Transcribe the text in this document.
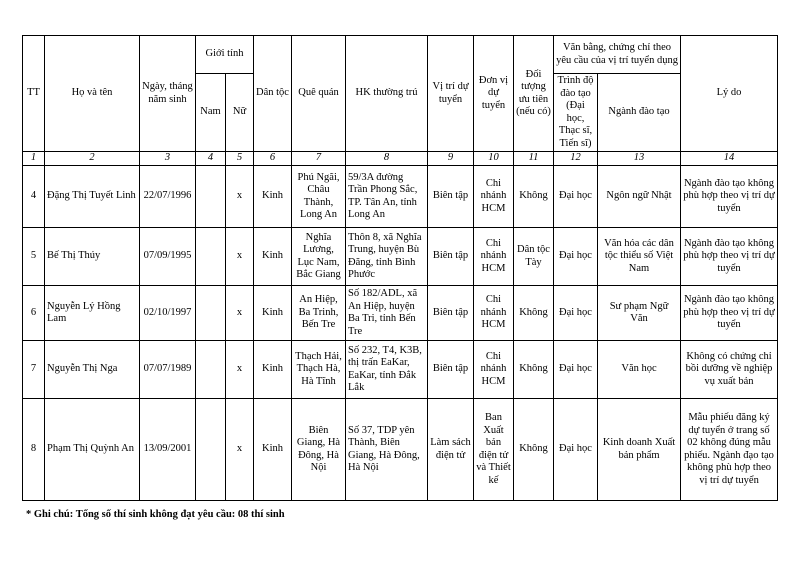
TT	Họ và tên	Ngày, tháng năm sinh	Giới tính		Dân tộc	Quê quán	HK thường trú	Vị trí dự tuyển	Đơn vị dự tuyển	Đối tượng ưu tiên (nếu có)	Văn bằng, chứng chỉ theo yêu cầu của vị trí tuyển dụng		Lý do
			Nam	Nữ							Trình độ đào tạo (Đại học, Thạc sĩ, Tiến sĩ)	Ngành đào tạo	
1	2	3	4	5	6	7	8	9	10	11	12	13	14
4	Đặng Thị Tuyết Linh	22/07/1996		x	Kinh	Phú Ngãi, Châu Thành, Long An	59/3A đường Trần Phong Sắc, TP. Tân An, tỉnh Long An	Biên tập	Chi nhánh HCM	Không	Đại học	Ngôn ngữ Nhật	Ngành đào tạo không phù hợp theo vị trí dự tuyển
5	Bế Thị Thúy	07/09/1995		x	Kinh	Nghĩa Lương, Lục Nam, Bắc Giang	Thôn 8, xã Nghĩa Trung, huyện Bù Đăng, tỉnh Bình Phước	Biên tập	Chi nhánh HCM	Dân tộc Tày	Đại học	Văn hóa các dân tộc thiểu số Việt Nam	Ngành đào tạo không phù hợp theo vị trí dự tuyển
6	Nguyễn Lý Hồng Lam	02/10/1997		x	Kinh	An Hiệp, Ba Trinh, Bến Tre	Số 182/ADL, xã An Hiệp, huyện Ba Tri, tỉnh Bến Tre	Biên tập	Chi nhánh HCM	Không	Đại học	Sư phạm Ngữ Văn	Ngành đào tạo không phù hợp theo vị trí dự tuyển
7	Nguyễn Thị Nga	07/07/1989		x	Kinh	Thạch Hải, Thạch Hà, Hà Tĩnh	Số 232, T4, K3B, thị trấn EaKar, EaKar, tỉnh Đắk Lắk	Biên tập	Chi nhánh HCM	Không	Đại học	Văn học	Không có chứng chỉ bồi dưỡng về nghiệp vụ xuất bản
8	Phạm Thị Quỳnh An	13/09/2001		x	Kinh	Biên Giang, Hà Đông, Hà Nội	Số 37, TDP yên Thành, Biên Giang, Hà Đông, Hà Nội	Làm sách điện tử	Ban Xuất bản điện tử và Thiết kế	Không	Đại học	Kinh doanh Xuất bản phẩm	Mẫu phiếu đăng ký dự tuyển ở trang số 02 không đúng mẫu phiếu. Ngành đạo tạo không phù hợp theo vị trí dự tuyển
* Ghi chú: Tổng số thí sinh không đạt yêu cầu: 08 thí sinh
